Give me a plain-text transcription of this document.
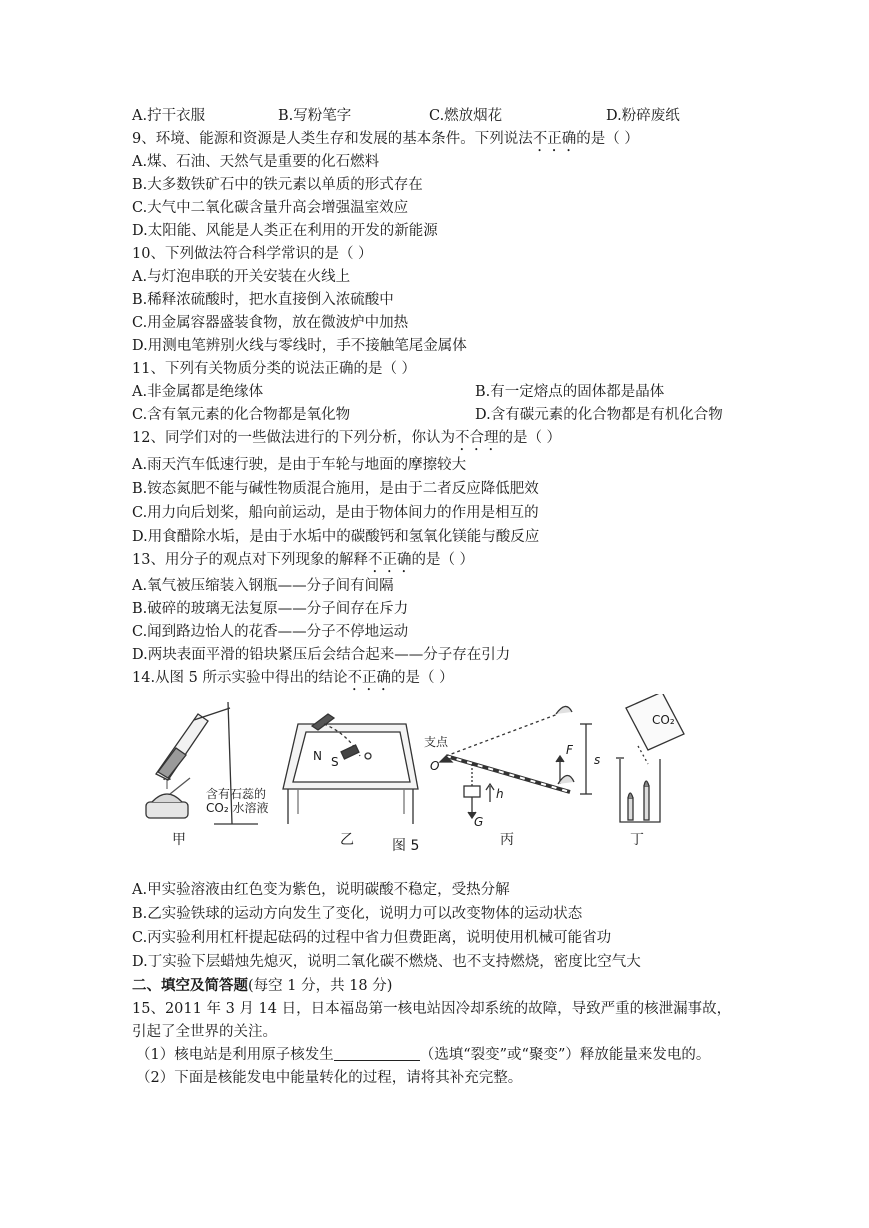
A.拧干衣服	B.写粉笔字	C.燃放烟花	D.粉碎废纸
9、环境、能源和资源是人类生存和发展的基本条件。下列说法不正确的是（ ）
A.煤、石油、天然气是重要的化石燃料
B.大多数铁矿石中的铁元素以单质的形式存在
C.大气中二氧化碳含量升高会增强温室效应
D.太阳能、风能是人类正在利用的开发的新能源
10、下列做法符合科学常识的是（ ）
A.与灯泡串联的开关安装在火线上
B.稀释浓硫酸时，把水直接倒入浓硫酸中
C.用金属容器盛装食物，放在微波炉中加热
D.用测电笔辨别火线与零线时，手不接触笔尾金属体
11、下列有关物质分类的说法正确的是（ ）
A.非金属都是绝缘体	B.有一定熔点的固体都是晶体
C.含有氧元素的化合物都是氧化物	D.含有碳元素的化合物都是有机化合物
12、同学们对的一些做法进行的下列分析，你认为不合理的是（ ）
A.雨天汽车低速行驶，是由于车轮与地面的摩擦较大
B.铵态氮肥不能与碱性物质混合施用，是由于二者反应降低肥效
C.用力向后划桨，船向前运动，是由于物体间力的作用是相互的
D.用食醋除水垢，是由于水垢中的碳酸钙和氢氧化镁能与酸反应
13、用分子的观点对下列现象的解释不正确的是（ ）
A.氧气被压缩装入钢瓶——分子间有间隔
B.破碎的玻璃无法复原——分子间存在斥力
C.闻到路边怡人的花香——分子不停地运动
D.两块表面平滑的铅块紧压后会结合起来——分子存在引力
14.从图 5 所示实验中得出的结论不正确的是（ ）
含有石蕊的
CO₂ 水溶液
N S
支点
O
F
s
h
G
CO₂
甲	乙	图 5	丙	丁
A.甲实验溶液由红色变为紫色，说明碳酸不稳定，受热分解
B.乙实验铁球的运动方向发生了变化，说明力可以改变物体的运动状态
C.丙实验利用杠杆提起砝码的过程中省力但费距离，说明使用机械可能省功
D.丁实验下层蜡烛先熄灭，说明二氧化碳不燃烧、也不支持燃烧，密度比空气大
二、填空及简答题(每空 1 分，共 18 分)
15、2011 年 3 月 14 日，日本福岛第一核电站因冷却系统的故障，导致严重的核泄漏事故，
引起了全世界的关注。
（1）核电站是利用原子核发生	（选填“裂变”或“聚变”）释放能量来发电的。
（2）下面是核能发电中能量转化的过程，请将其补充完整。
